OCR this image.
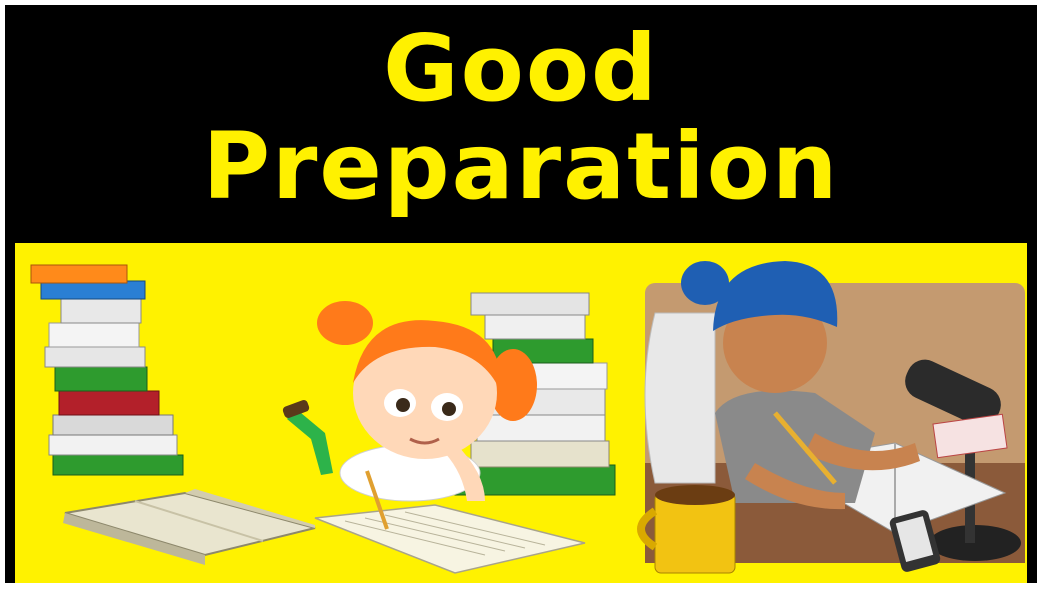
Good
Preparation
